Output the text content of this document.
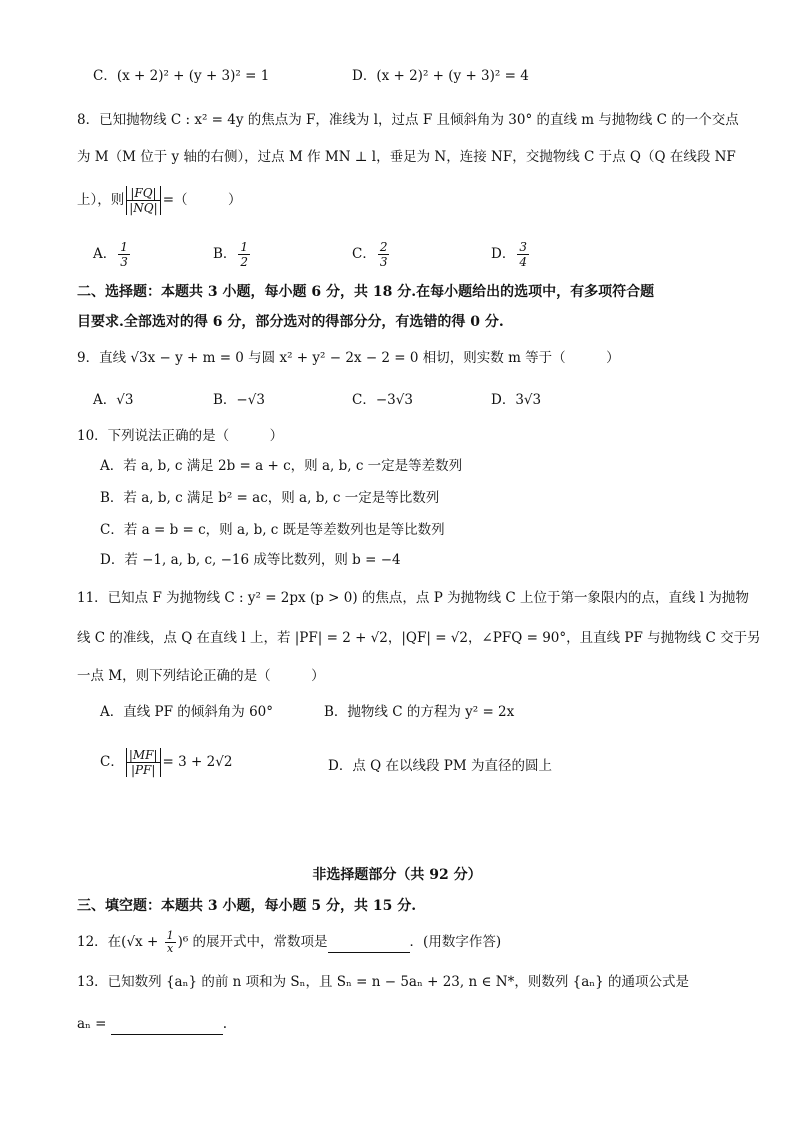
C．(x + 2)² + (y + 3)² = 1	D．(x + 2)² + (y + 3)² = 4
8．已知抛物线 C : x² = 4y 的焦点为 F，准线为 l，过点 F 且倾斜角为 30° 的直线 m 与抛物线 C 的一个交点
为 M（M 位于 y 轴的右侧），过点 M 作 MN ⊥ l，垂足为 N，连接 NF，交抛物线 C 于点 Q（Q 在线段 NF
上），则 $\frac{|FQ|}{|NQ|}$ =（　　　）
A． $\frac{1}{3}$	B． $\frac{1}{2}$	C． $\frac{2}{3}$	D． $\frac{3}{4}$
二、选择题：本题共 3 小题，每小题 6 分，共 18 分.在每小题给出的选项中，有多项符合题
目要求.全部选对的得 6 分，部分选对的得部分分，有选错的得 0 分.
9．直线 √3x − y + m = 0 与圆 x² + y² − 2x − 2 = 0 相切，则实数 m 等于（　　　）
A．√3	B．−√3	C．−3√3	D．3√3
10．下列说法正确的是（　　　）
A．若 a, b, c 满足 2b = a + c，则 a, b, c 一定是等差数列
B．若 a, b, c 满足 b² = ac，则 a, b, c 一定是等比数列
C．若 a = b = c，则 a, b, c 既是等差数列也是等比数列
D．若 −1, a, b, c, −16 成等比数列，则 b = −4
11．已知点 F 为抛物线 C : y² = 2px (p > 0) 的焦点，点 P 为抛物线 C 上位于第一象限内的点，直线 l 为抛物
线 C 的准线，点 Q 在直线 l 上，若 |PF| = 2 + √2，|QF| = √2，∠PFQ = 90°，且直线 PF 与抛物线 C 交于另
一点 M，则下列结论正确的是（　　　）
A．直线 PF 的倾斜角为 60°	B．抛物线 C 的方程为 y² = 2x
C． $\frac{|MF|}{|PF|} = 3 + 2√2$	D．点 Q 在以线段 PM 为直径的圆上
非选择题部分（共 92 分）
三、填空题：本题共 3 小题，每小题 5 分，共 15 分.
12．在$(√x + \frac{1}{x} )^6$ 的展开式中，常数项是	．(用数字作答)
13．已知数列 {aₙ} 的前 n 项和为 Sₙ，且 Sₙ = n − 5aₙ + 23, n ∈ N*，则数列 {aₙ} 的通项公式是
aₙ =	.
